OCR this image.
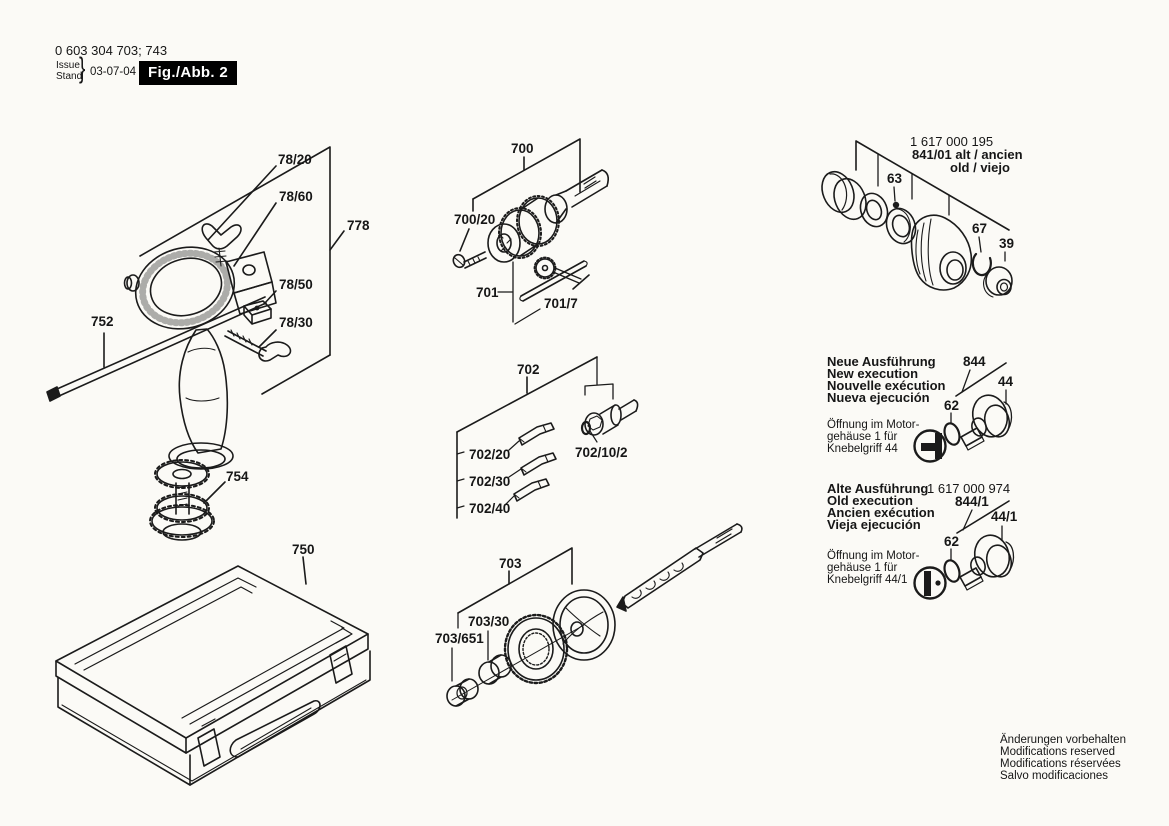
0 603 304 703; 743
Issue
Stand
} 03-07-04 Fig./Abb. 2
78/20
78/60
778
78/50
78/30
752
754
750
700
700/20
701
701/7
702
702/20
702/30
702/40
702/10/2
703
703/30
703/651
1 617 000 195
841/01 alt / ancien
old / viejo
63
67
39
Neue Ausführung
New execution
Nouvelle exécution
Nueva ejecución
844
44
62
Öffnung im Motor-
gehäuse 1 für
Knebelgriff 44
Alte Ausführung
1 617 000 974
Old execution
Ancien exécution
Vieja ejecución
844/1
44/1
62
Öffnung im Motor-
gehäuse 1 für
Knebelgriff 44/1
Änderungen vorbehalten
Modifications reserved
Modifications réservées
Salvo modificaciones
